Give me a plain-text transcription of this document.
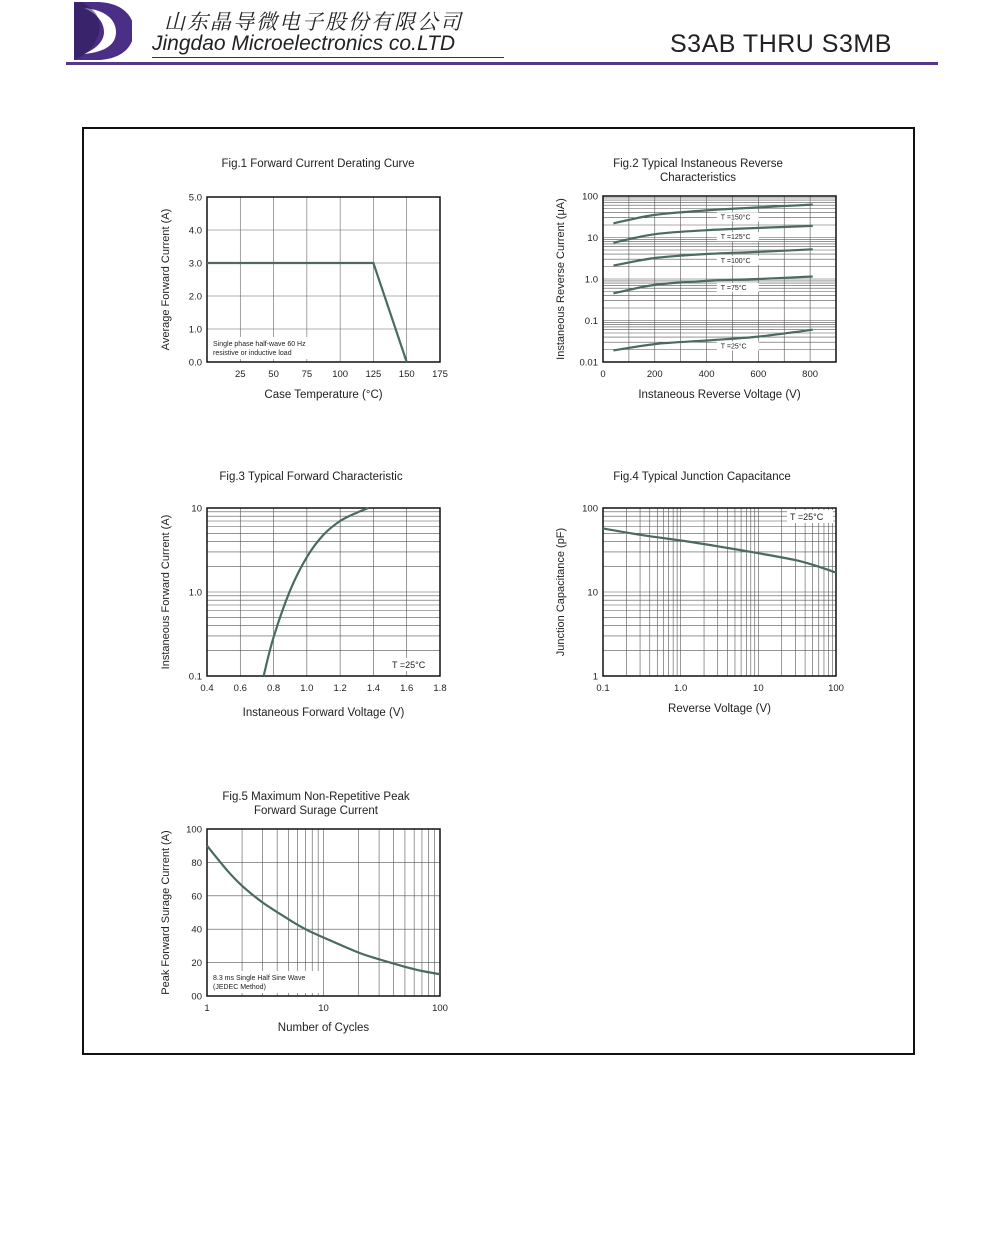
山东晶导微电子股份有限公司
Jingdao Microelectronics co.LTD	S3AB THRU S3MB
Fig.1 Forward Current Derating Curve
25 50 75 100 125 150 175
0.0
1.0
2.0
3.0
4.0
5.0
Case Temperature (°C)
Average Forward Current (A)	Single phase half-wave 60 Hz
resistive or inductive load
Fig.2 Typical Instaneous Reverse
Characteristics
0	200	400	600	800
0.01
0.1
1.0
10
100
Instaneous Reverse Voltage (V)
Instaneous Reverse Current (μA)	T =150°C
T =125°C
T =100°C
T =75°C
T =25°C
Fig.3 Typical Forward Characteristic
0.4 0.6 0.8 1.0 1.2 1.4 1.6 1.8
0.1
1.0
10
Instaneous Forward Voltage (V)
Instaneous Forward Current (A)	T =25°C
Fig.4 Typical Junction Capacitance
0.1	1.0	10	100
1
10
100
Reverse Voltage (V)
Junction Capacitance (pF)
T =25°C
Fig.5 Maximum Non-Repetitive Peak
Forward Surage Current
1	10	100
00
20
40
60
80
100
Number of Cycles
Peak Forward Surage Current (A)	8.3 ms Single Half Sine Wave
(JEDEC Method)
